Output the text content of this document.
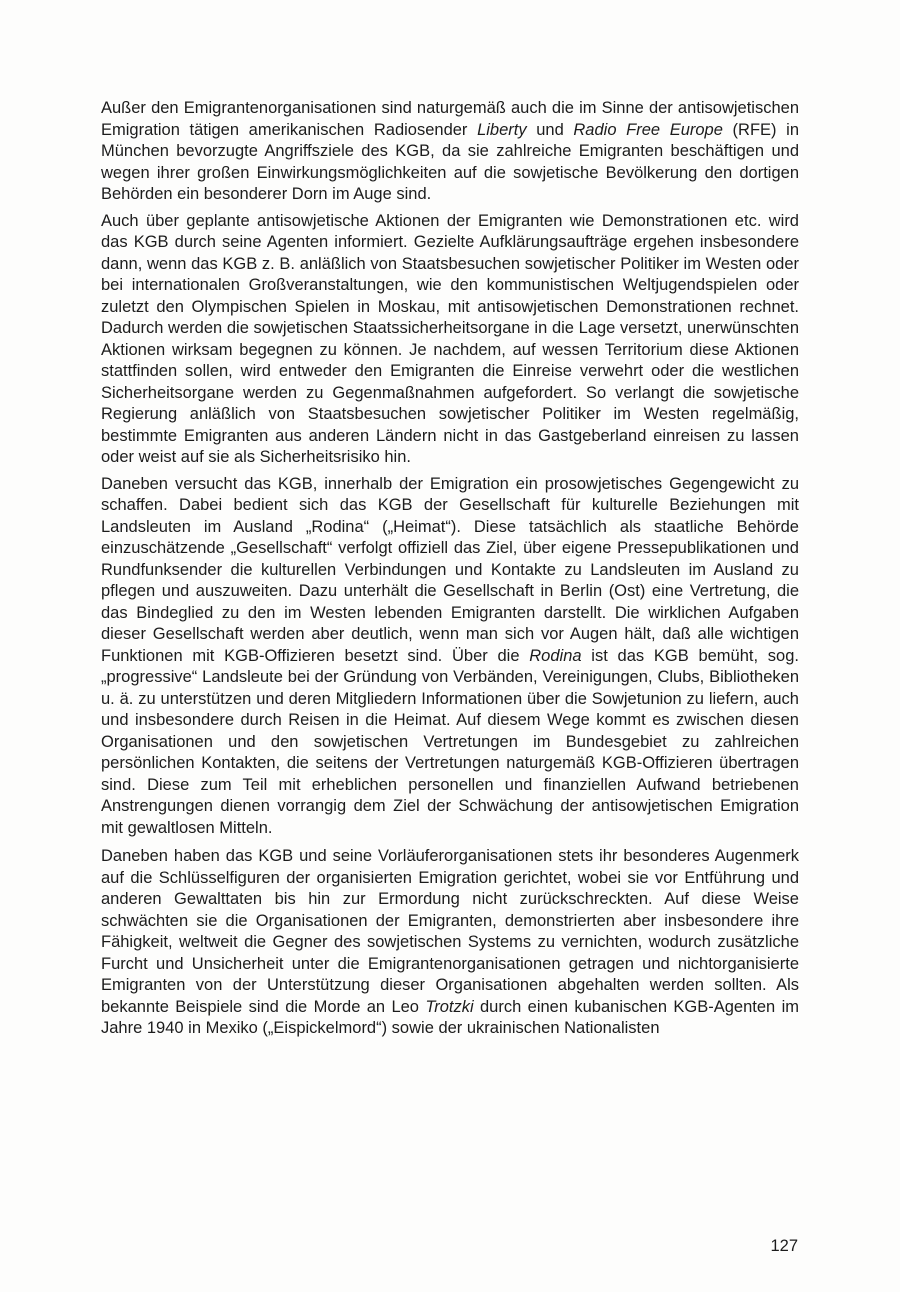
Außer den Emigrantenorganisationen sind naturgemäß auch die im Sinne der antisowjetischen Emigration tätigen amerikanischen Radiosender Liberty und Radio Free Europe (RFE) in München bevorzugte Angriffsziele des KGB, da sie zahlreiche Emigranten beschäftigen und wegen ihrer großen Einwirkungsmöglichkeiten auf die sowjetische Bevölkerung den dortigen Behörden ein besonderer Dorn im Auge sind.

Auch über geplante antisowjetische Aktionen der Emigranten wie Demonstrationen etc. wird das KGB durch seine Agenten informiert. Gezielte Aufklärungsaufträge ergehen insbesondere dann, wenn das KGB z. B. anläßlich von Staatsbesuchen sowjetischer Politiker im Westen oder bei internationalen Großveranstaltungen, wie den kommunistischen Weltjugendspielen oder zuletzt den Olympischen Spielen in Moskau, mit antisowjetischen Demonstrationen rechnet. Dadurch werden die sowjetischen Staatssicherheitsorgane in die Lage versetzt, unerwünschten Aktionen wirksam begegnen zu können. Je nachdem, auf wessen Territorium diese Aktionen stattfinden sollen, wird entweder den Emigranten die Einreise verwehrt oder die westlichen Sicherheitsorgane werden zu Gegenmaßnahmen aufgefordert. So verlangt die sowjetische Regierung anläßlich von Staatsbesuchen sowjetischer Politiker im Westen regelmäßig, bestimmte Emigranten aus anderen Ländern nicht in das Gastgeberland einreisen zu lassen oder weist auf sie als Sicherheitsrisiko hin.

Daneben versucht das KGB, innerhalb der Emigration ein prosowjetisches Gegengewicht zu schaffen. Dabei bedient sich das KGB der Gesellschaft für kulturelle Beziehungen mit Landsleuten im Ausland „Rodina“ („Heimat“). Diese tatsächlich als staatliche Behörde einzuschätzende „Gesellschaft“ verfolgt offiziell das Ziel, über eigene Pressepublikationen und Rundfunksender die kulturellen Verbindungen und Kontakte zu Landsleuten im Ausland zu pflegen und auszuweiten. Dazu unterhält die Gesellschaft in Berlin (Ost) eine Vertretung, die das Bindeglied zu den im Westen lebenden Emigranten darstellt. Die wirklichen Aufgaben dieser Gesellschaft werden aber deutlich, wenn man sich vor Augen hält, daß alle wichtigen Funktionen mit KGB-Offizieren besetzt sind. Über die Rodina ist das KGB bemüht, sog. „progressive“ Landsleute bei der Gründung von Verbänden, Vereinigungen, Clubs, Bibliotheken u. ä. zu unterstützen und deren Mitgliedern Informationen über die Sowjetunion zu liefern, auch und insbesondere durch Reisen in die Heimat. Auf diesem Wege kommt es zwischen diesen Organisationen und den sowjetischen Vertretungen im Bundesgebiet zu zahlreichen persönlichen Kontakten, die seitens der Vertretungen naturgemäß KGB-Offizieren übertragen sind. Diese zum Teil mit erheblichen personellen und finanziellen Aufwand betriebenen Anstrengungen dienen vorrangig dem Ziel der Schwächung der antisowjetischen Emigration mit gewaltlosen Mitteln.

Daneben haben das KGB und seine Vorläuferorganisationen stets ihr besonderes Augenmerk auf die Schlüsselfiguren der organisierten Emigration gerichtet, wobei sie vor Entführung und anderen Gewalttaten bis hin zur Ermordung nicht zurückschreckten. Auf diese Weise schwächten sie die Organisationen der Emigranten, demonstrierten aber insbesondere ihre Fähigkeit, weltweit die Gegner des sowjetischen Systems zu vernichten, wodurch zusätzliche Furcht und Unsicherheit unter die Emigrantenorganisationen getragen und nichtorganisierte Emigranten von der Unterstützung dieser Organisationen abgehalten werden sollten. Als bekannte Beispiele sind die Morde an Leo Trotzki durch einen kubanischen KGB-Agenten im Jahre 1940 in Mexiko („Eispickelmord“) sowie der ukrainischen Nationalisten

127
